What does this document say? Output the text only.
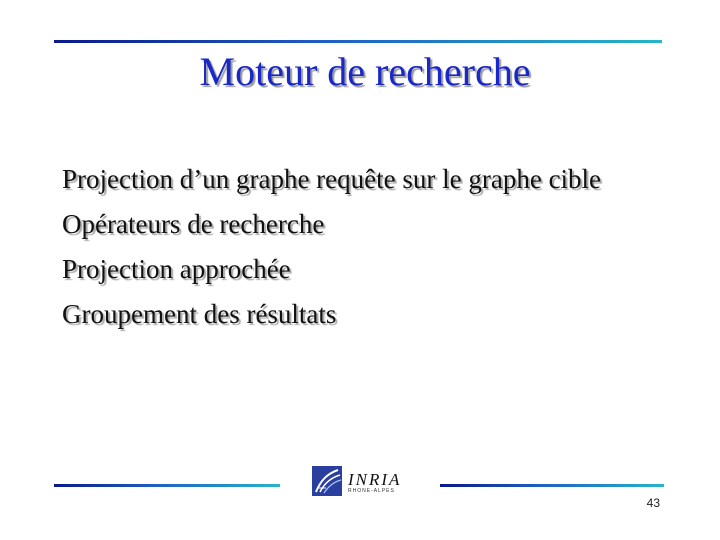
Moteur de recherche
Projection d’un graphe requête sur le graphe cible
Opérateurs de recherche
Projection approchée
Groupement des résultats
INRIA
RHONE-ALPES
43
